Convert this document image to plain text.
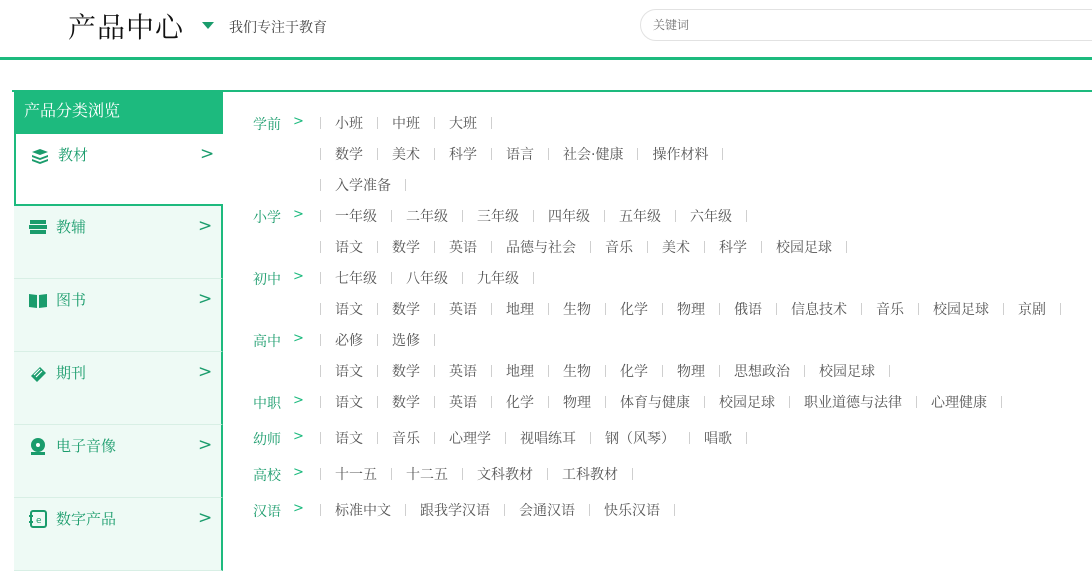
产品中心	我们专注于教育
关键词
产品分类浏览
教材	>
教辅	>
图书	>
期刊	>
电子音像	>
e 数字产品	>
学前 >	小班 中班 大班
数学 美术 科学 语言 社会·健康 操作材料
入学准备
小学 >	一年级 二年级 三年级 四年级 五年级 六年级
语文 数学 英语 品德与社会 音乐 美术 科学 校园足球
初中 >	七年级 八年级 九年级
语文 数学 英语 地理 生物 化学 物理 俄语 信息技术 音乐 校园足球 京剧
高中 >	必修 选修
语文 数学 英语 地理 生物 化学 物理 思想政治 校园足球
中职 >	语文 数学 英语 化学 物理 体育与健康 校园足球 职业道德与法律 心理健康
幼师 >	语文 音乐 心理学 视唱练耳 钢（风琴） 唱歌
高校 >	十一五 十二五 文科教材 工科教材
汉语 >	标准中文 跟我学汉语 会通汉语 快乐汉语
